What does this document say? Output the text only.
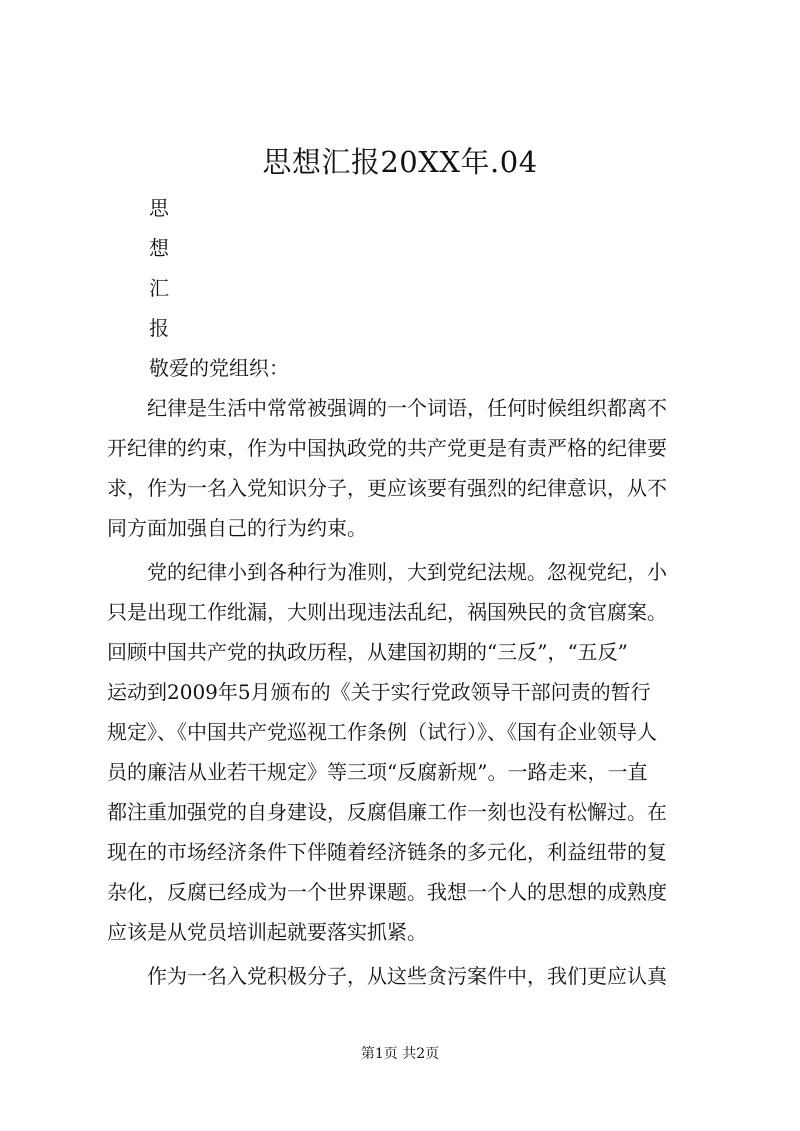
思想汇报20XX年.04
思
想
汇
报
敬爱的党组织：
　　纪律是生活中常常被强调的一个词语，任何时候组织都离不
开纪律的约束，作为中国执政党的共产党更是有责严格的纪律要
求，作为一名入党知识分子，更应该要有强烈的纪律意识，从不
同方面加强自己的行为约束。
　　党的纪律小到各种行为准则，大到党纪法规。忽视党纪，小
只是出现工作纰漏，大则出现违法乱纪，祸国殃民的贪官腐案。
回顾中国共产党的执政历程，从建国初期的“三反”，“五反”
运动到2009年5月颁布的《关于实行党政领导干部问责的暂行
规定》、《中国共产党巡视工作条例（试行）》、《国有企业领导人
员的廉洁从业若干规定》等三项“反腐新规”。一路走来，一直
都注重加强党的自身建设，反腐倡廉工作一刻也没有松懈过。在
现在的市场经济条件下伴随着经济链条的多元化，利益纽带的复
杂化，反腐已经成为一个世界课题。我想一个人的思想的成熟度
应该是从党员培训起就要落实抓紧。
　　作为一名入党积极分子，从这些贪污案件中，我们更应认真
第1页 共2页
